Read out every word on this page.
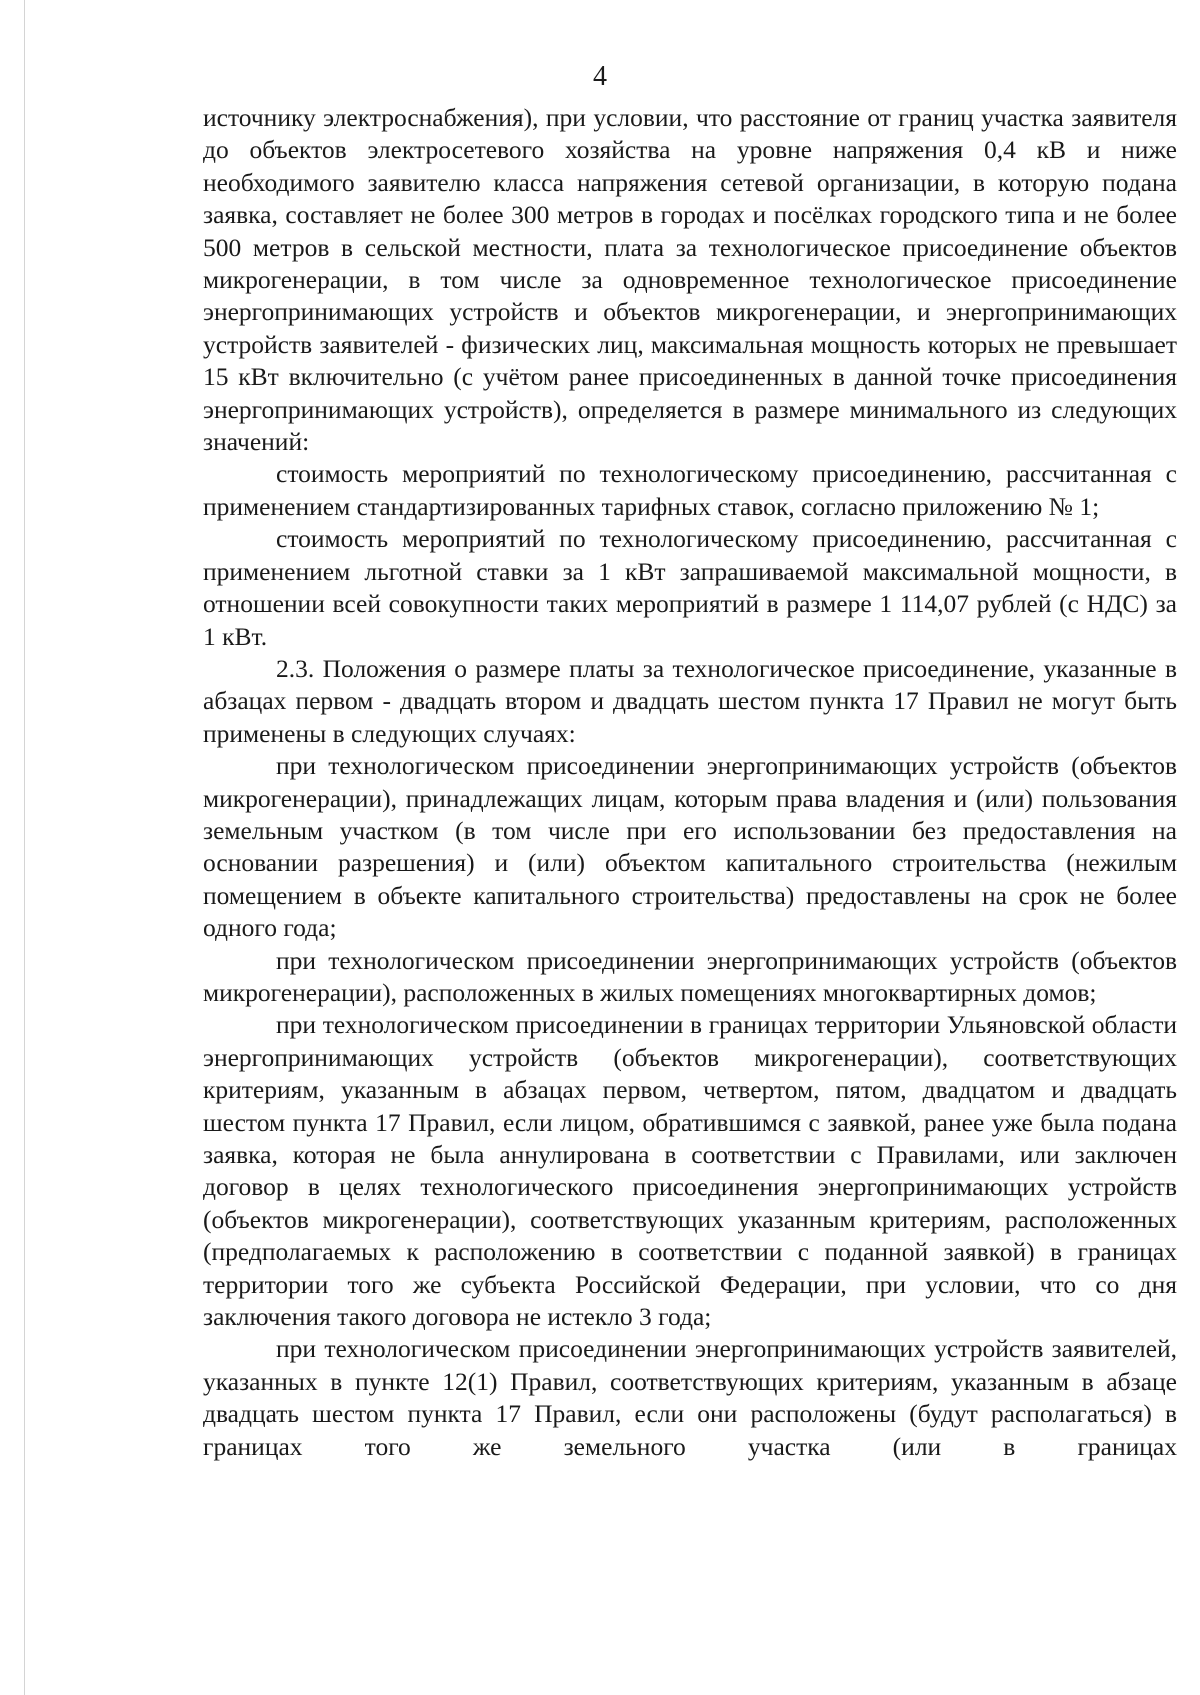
4

источнику электроснабжения), при условии, что расстояние от границ участка заявителя до объектов электросетевого хозяйства на уровне напряжения 0,4 кВ и ниже необходимого заявителю класса напряжения сетевой организации, в которую подана заявка, составляет не более 300 метров в городах и посёлках городского типа и не более 500 метров в сельской местности, плата за технологическое присоединение объектов микрогенерации, в том числе за одновременное технологическое присоединение энергопринимающих устройств и объектов микрогенерации, и энергопринимающих устройств заявителей - физических лиц, максимальная мощность которых не превышает 15 кВт включительно (с учётом ранее присоединенных в данной точке присоединения энергопринимающих устройств), определяется в размере минимального из следующих значений:

стоимость мероприятий по технологическому присоединению, рассчитанная с применением стандартизированных тарифных ставок, согласно приложению № 1;

стоимость мероприятий по технологическому присоединению, рассчитанная с применением льготной ставки за 1 кВт запрашиваемой максимальной мощности, в отношении всей совокупности таких мероприятий в размере 1 114,07 рублей (с НДС) за 1 кВт.

2.3. Положения о размере платы за технологическое присоединение, указанные в абзацах первом - двадцать втором и двадцать шестом пункта 17 Правил не могут быть применены в следующих случаях:

при технологическом присоединении энергопринимающих устройств (объектов микрогенерации), принадлежащих лицам, которым права владения и (или) пользования земельным участком (в том числе при его использовании без предоставления на основании разрешения) и (или) объектом капитального строительства (нежилым помещением в объекте капитального строительства) предоставлены на срок не более одного года;

при технологическом присоединении энергопринимающих устройств (объектов микрогенерации), расположенных в жилых помещениях многоквартирных домов;

при технологическом присоединении в границах территории Ульяновской области энергопринимающих устройств (объектов микрогенерации), соответствующих критериям, указанным в абзацах первом, четвертом, пятом, двадцатом и двадцать шестом пункта 17 Правил, если лицом, обратившимся с заявкой, ранее уже была подана заявка, которая не была аннулирована в соответствии с Правилами, или заключен договор в целях технологического присоединения энергопринимающих устройств (объектов микрогенерации), соответствующих указанным критериям, расположенных (предполагаемых к расположению в соответствии с поданной заявкой) в границах территории того же субъекта Российской Федерации, при условии, что со дня заключения такого договора не истекло 3 года;

при технологическом присоединении энергопринимающих устройств заявителей, указанных в пункте 12(1) Правил, соответствующих критериям, указанным в абзаце двадцать шестом пункта 17 Правил, если они расположены (будут располагаться) в границах того же земельного участка (или в границах
